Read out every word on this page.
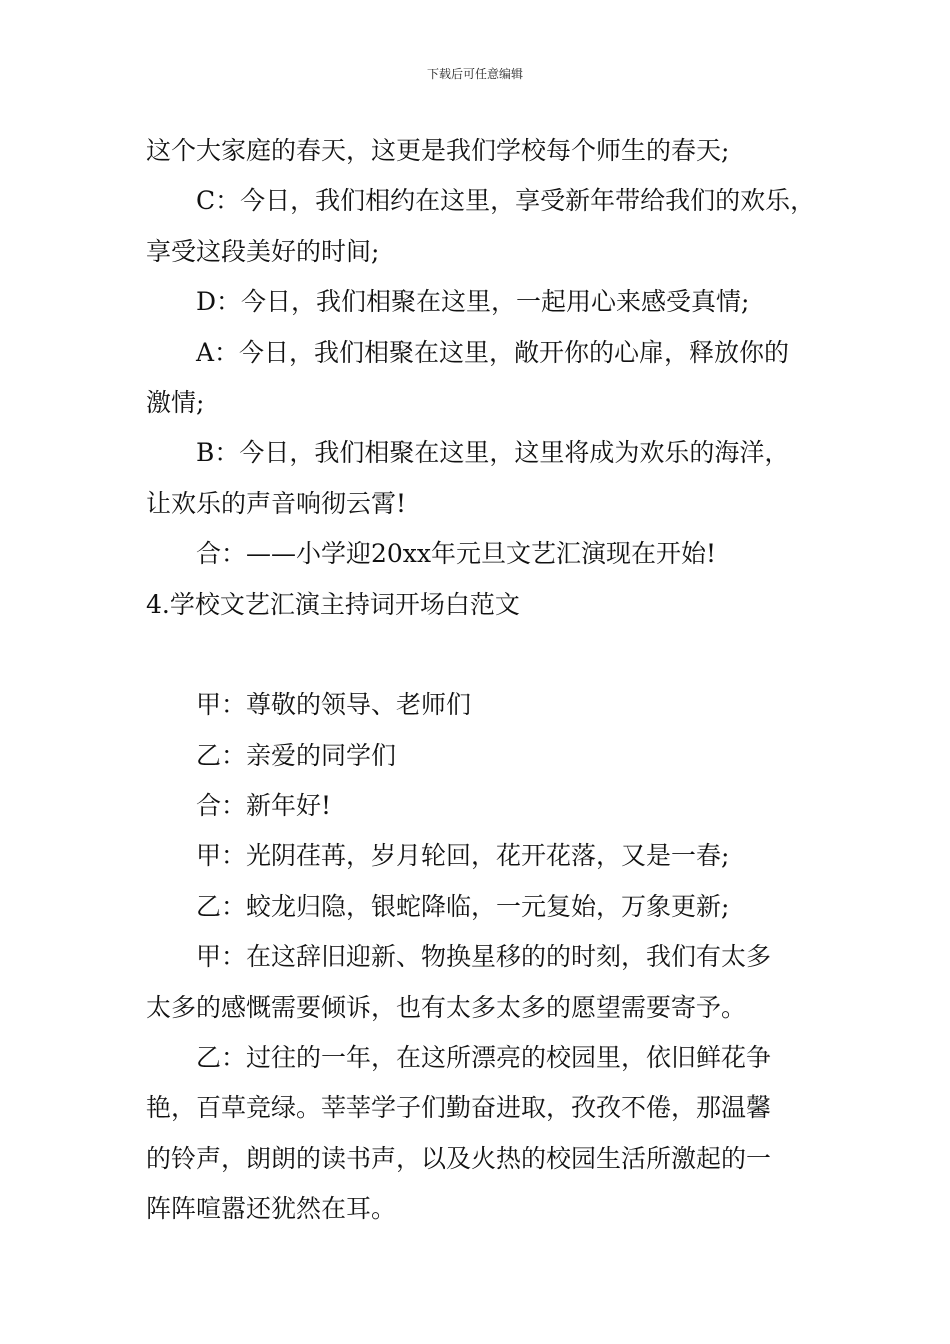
下载后可任意编辑

这个大家庭的春天，这更是我们学校每个师生的春天;

C：今日，我们相约在这里，享受新年带给我们的欢乐，

享受这段美好的时间;

D：今日，我们相聚在这里，一起用心来感受真情;

A：今日，我们相聚在这里，敞开你的心扉，释放你的

激情;

B：今日，我们相聚在这里，这里将成为欢乐的海洋，

让欢乐的声音响彻云霄!

合：——小学迎20xx年元旦文艺汇演现在开始!

4.学校文艺汇演主持词开场白范文

甲：尊敬的领导、老师们

乙：亲爱的同学们

合：新年好!

甲：光阴荏苒，岁月轮回，花开花落，又是一春;

乙：蛟龙归隐，银蛇降临，一元复始，万象更新;

甲：在这辞旧迎新、物换星移的的时刻，我们有太多

太多的感慨需要倾诉，也有太多太多的愿望需要寄予。

乙：过往的一年，在这所漂亮的校园里，依旧鲜花争

艳，百草竞绿。莘莘学子们勤奋进取，孜孜不倦，那温馨

的铃声，朗朗的读书声，以及火热的校园生活所激起的一

阵阵喧嚣还犹然在耳。
